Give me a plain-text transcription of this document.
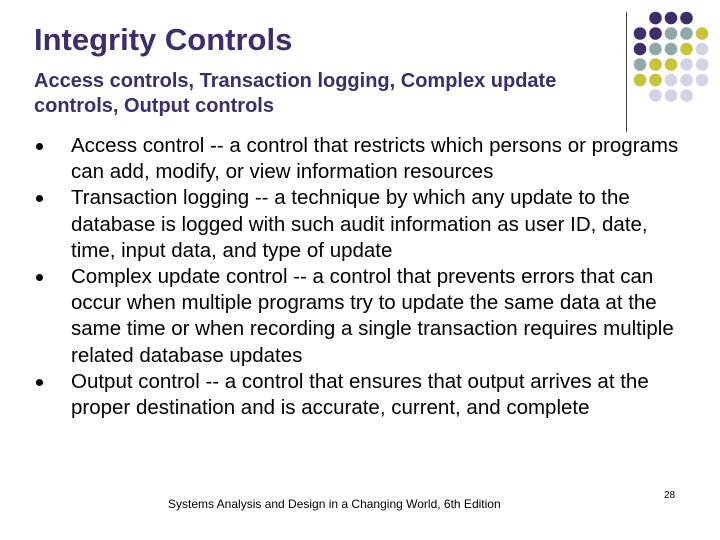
Integrity Controls
Access controls, Transaction logging, Complex update controls, Output controls
Access control -- a control that restricts which persons or programs can add, modify, or view information resources
Transaction logging -- a technique by which any update to the database is logged with such audit information as user ID, date, time, input data, and type of update
Complex update control -- a control that prevents errors that can occur when multiple programs try to update the same data at the same time or when recording a single transaction requires multiple related database updates
Output control -- a control that ensures that output arrives at the proper destination and is accurate, current, and complete
Systems Analysis and Design in a Changing World, 6th Edition
28
